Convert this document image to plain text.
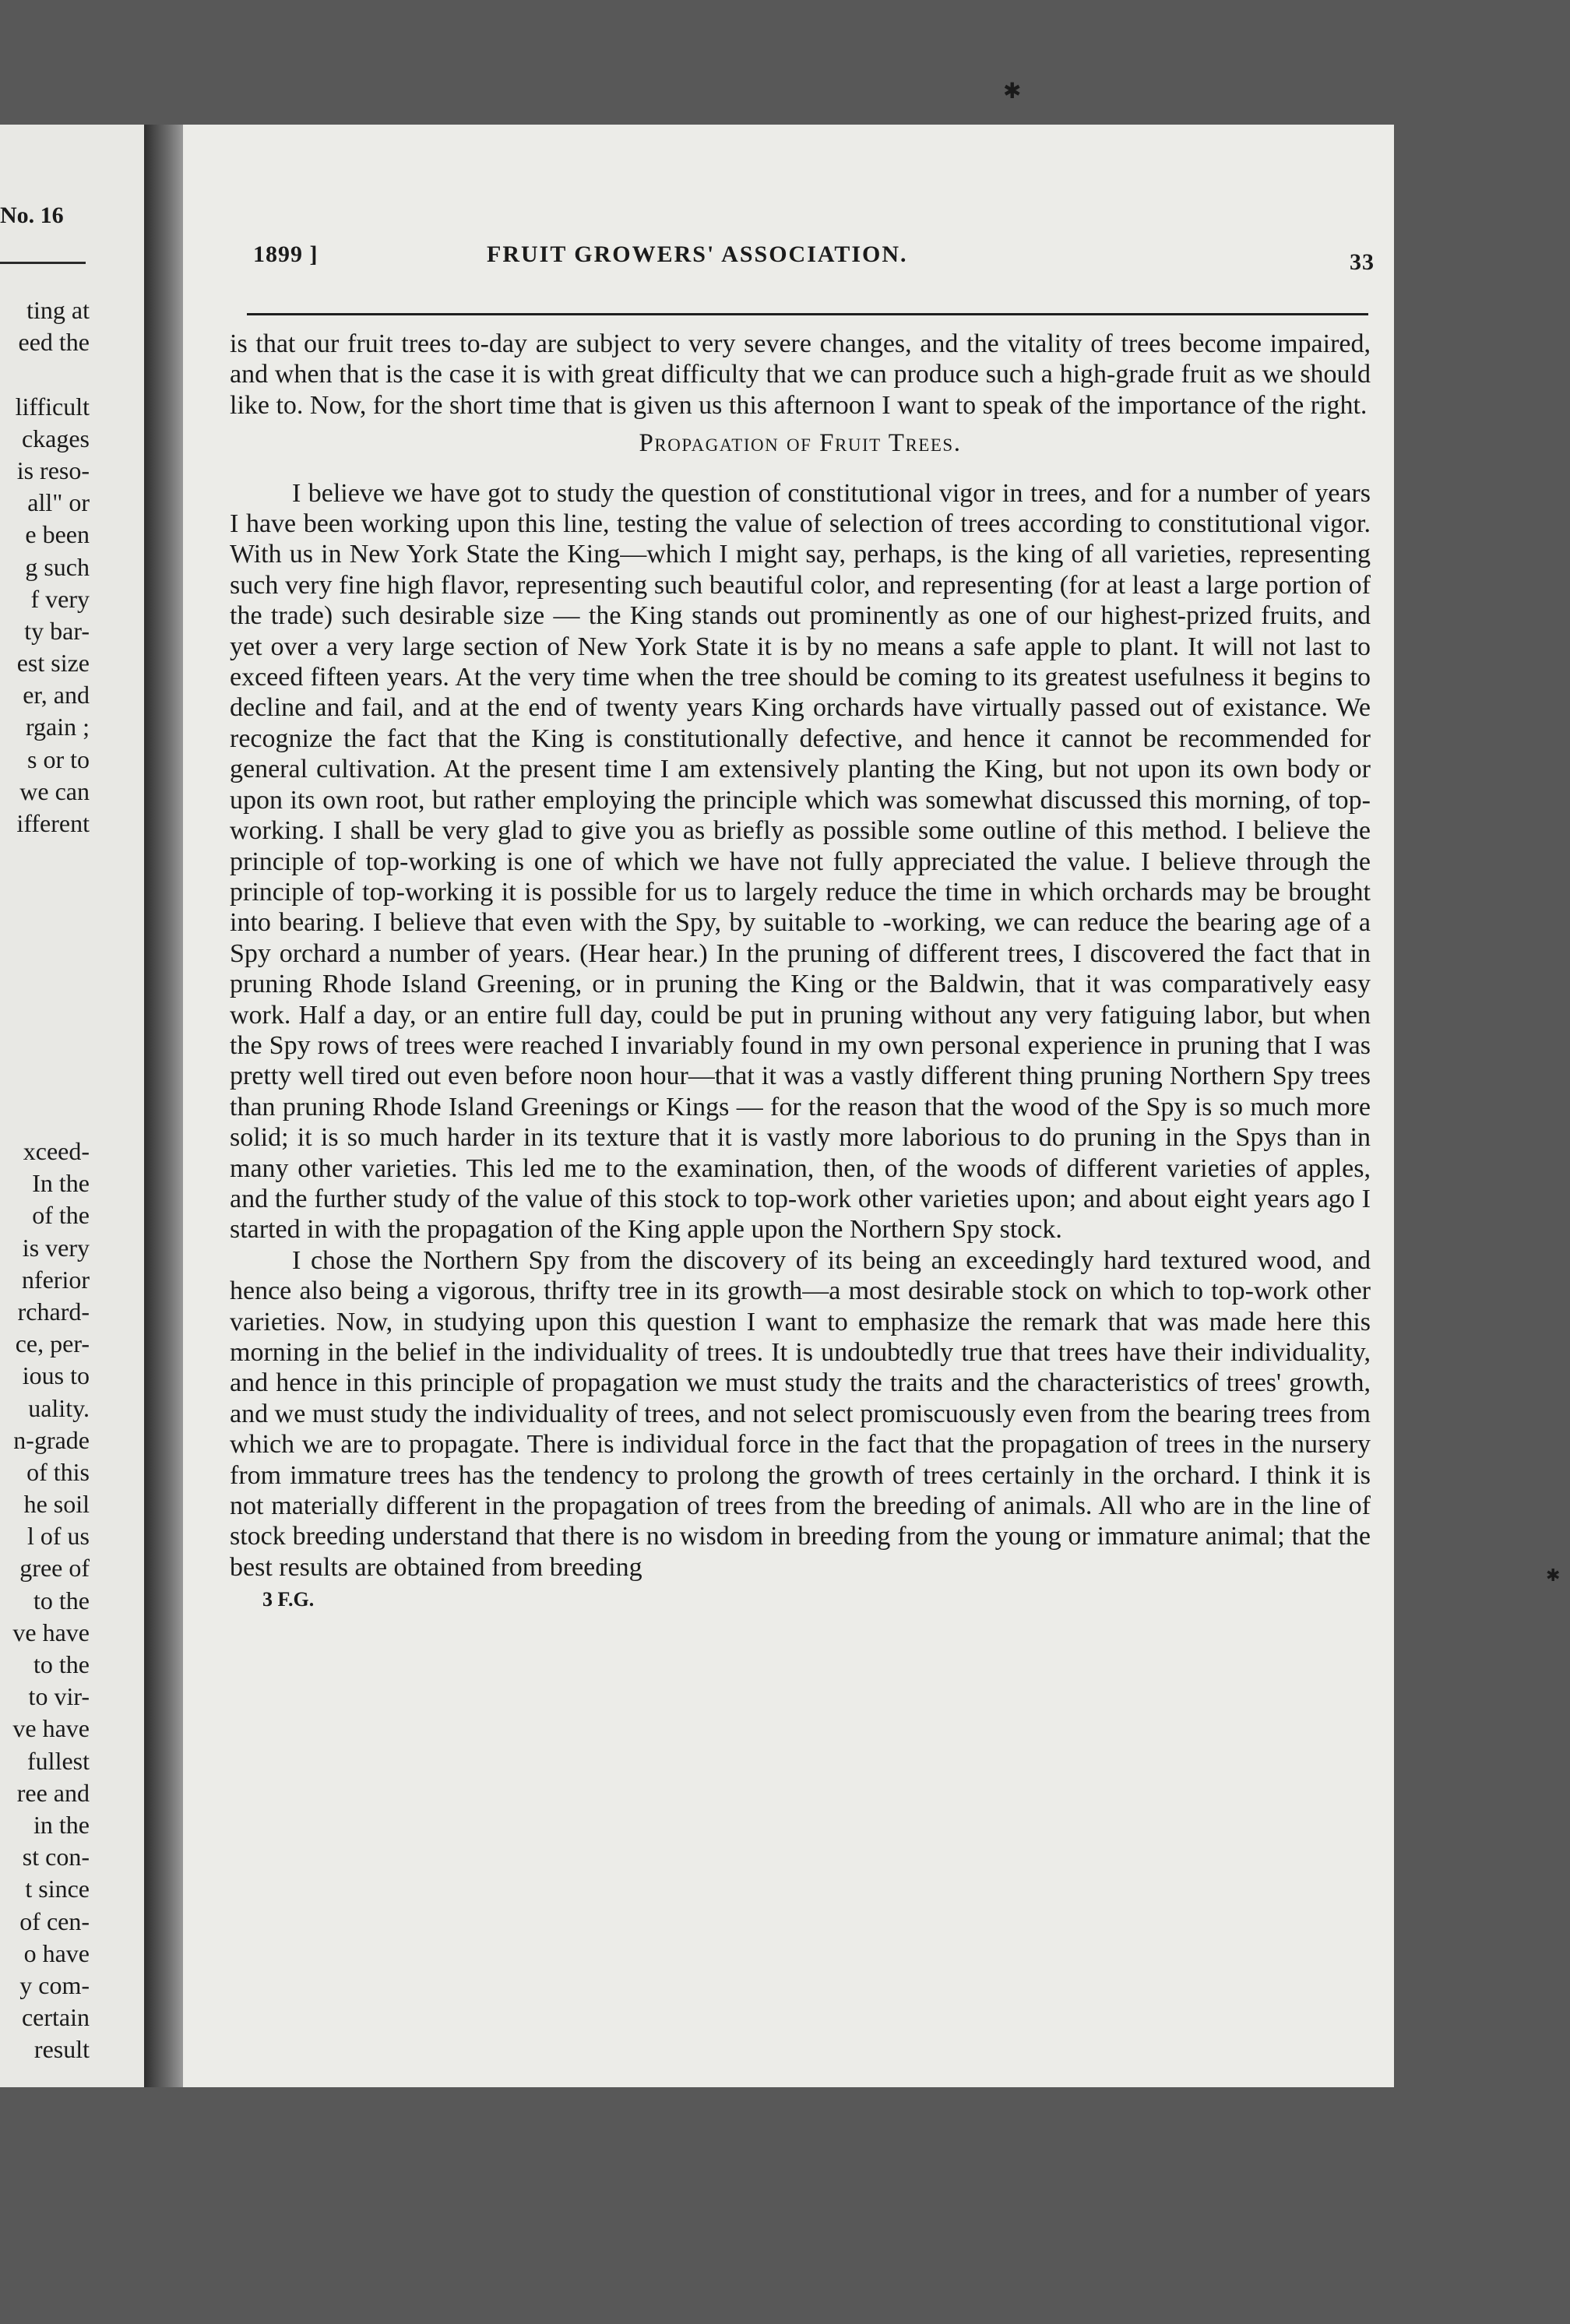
No. 16
ting at
eed the
lifficult
ckages
is reso-
all" or
e been
g such
f very
ty bar-
est size
er, and
rgain ;
s or to
we can
ifferent
xceed-
In the
of the
is very
nferior
rchard-
ce, per-
ious to
uality.
n-grade
of this
he soil
l of us
gree of
to the
ve have
to the
to vir-
ve have
fullest
ree and
in the
st con-
t since
of cen-
o have
y com-
certain
result
1899 ]	FRUIT GROWERS' ASSOCIATION.	33

is that our fruit trees to-day are subject to very severe changes, and the vitality of trees become impaired, and when that is the case it is with great difficulty that we can produce such a high-grade fruit as we should like to. Now, for the short time that is given us this afternoon I want to speak of the importance of the right.

Propagation of Fruit Trees.

I believe we have got to study the question of constitutional vigor in trees, and for a number of years I have been working upon this line, testing the value of selection of trees according to constitutional vigor. With us in New York State the King—which I might say, perhaps, is the king of all varieties, representing such very fine high flavor, representing such beautiful color, and representing (for at least a large portion of the trade) such desirable size — the King stands out prominently as one of our highest-prized fruits, and yet over a very large section of New York State it is by no means a safe apple to plant. It will not last to exceed fifteen years. At the very time when the tree should be coming to its greatest usefulness it begins to decline and fail, and at the end of twenty years King orchards have virtually passed out of existance. We recognize the fact that the King is constitutionally defective, and hence it cannot be recommended for general cultivation. At the present time I am extensively planting the King, but not upon its own body or upon its own root, but rather employing the principle which was somewhat discussed this morning, of top-working. I shall be very glad to give you as briefly as possible some outline of this method. I believe the principle of top-working is one of which we have not fully appreciated the value. I believe through the principle of top-working it is possible for us to largely reduce the time in which orchards may be brought into bearing. I believe that even with the Spy, by suitable to -working, we can reduce the bearing age of a Spy orchard a number of years. (Hear hear.) In the pruning of different trees, I discovered the fact that in pruning Rhode Island Greening, or in pruning the King or the Baldwin, that it was comparatively easy work. Half a day, or an entire full day, could be put in pruning without any very fatiguing labor, but when the Spy rows of trees were reached I invariably found in my own personal experience in pruning that I was pretty well tired out even before noon hour—that it was a vastly different thing pruning Northern Spy trees than pruning Rhode Island Greenings or Kings — for the reason that the wood of the Spy is so much more solid; it is so much harder in its texture that it is vastly more laborious to do pruning in the Spys than in many other varieties. This led me to the examination, then, of the woods of different varieties of apples, and the further study of the value of this stock to top-work other varieties upon; and about eight years ago I started in with the propagation of the King apple upon the Northern Spy stock.

I chose the Northern Spy from the discovery of its being an exceedingly hard textured wood, and hence also being a vigorous, thrifty tree in its growth—a most desirable stock on which to top-work other varieties. Now, in studying upon this question I want to emphasize the remark that was made here this morning in the belief in the individuality of trees. It is undoubtedly true that trees have their individuality, and hence in this principle of propagation we must study the traits and the characteristics of trees' growth, and we must study the individuality of trees, and not select promiscuously even from the bearing trees from which we are to propagate. There is individual force in the fact that the propagation of trees in the nursery from immature trees has the tendency to prolong the growth of trees certainly in the orchard. I think it is not materially different in the propagation of trees from the breeding of animals. All who are in the line of stock breeding understand that there is no wisdom in breeding from the young or immature animal; that the best results are obtained from breeding

3 F.G.
✱
✱
